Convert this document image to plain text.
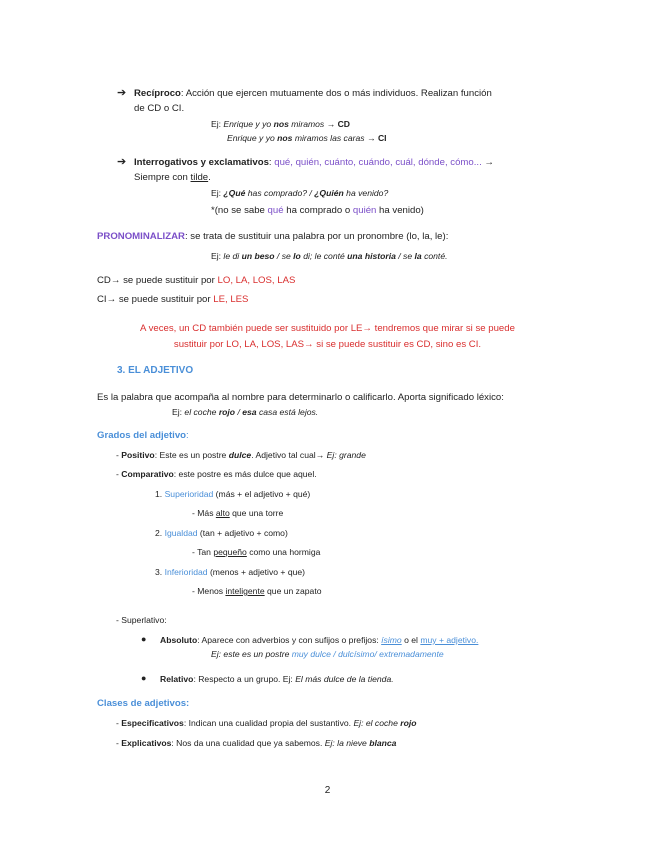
➔ Recíproco: Acción que ejercen mutuamente dos o más individuos. Realizan función
de CD o CI.
Ej: Enrique y yo nos miramos → CD
Enrique y yo nos miramos las caras → CI
➔ Interrogativos y exclamativos: qué, quién, cuánto, cuándo, cuál, dónde, cómo... →
Siempre con tilde.
Ej: ¿Qué has comprado? / ¿Quién ha venido?
*(no se sabe qué ha comprado o quién ha venido)
PRONOMINALIZAR: se trata de sustituir una palabra por un pronombre (lo, la, le):
Ej: le di un beso / se lo di; le conté una historia / se la conté.
CD→ se puede sustituir por LO, LA, LOS, LAS
CI→ se puede sustituir por LE, LES
A veces, un CD también puede ser sustituido por LE→ tendremos que mirar si se puede
sustituir por LO, LA, LOS, LAS→ si se puede sustituir es CD, sino es CI.
3. EL ADJETIVO
Es la palabra que acompaña al nombre para determinarlo o calificarlo. Aporta significado léxico:
Ej: el coche rojo / esa casa está lejos.
Grados del adjetivo:
- Positivo: Este es un postre dulce. Adjetivo tal cual→ Ej: grande
- Comparativo: este postre es más dulce que aquel.
1. Superioridad (más + el adjetivo + qué)
- Más alto que una torre
2. Igualdad (tan + adjetivo + como)
- Tan pequeño como una hormiga
3. Inferioridad (menos + adjetivo + que)
- Menos inteligente que un zapato
- Superlativo:
● Absoluto: Aparece con adverbios y con sufijos o prefijos: ísimo o el muy + adjetivo.
Ej: este es un postre muy dulce / dulcísimo/ extremadamente
● Relativo: Respecto a un grupo. Ej: El más dulce de la tienda.
Clases de adjetivos:
- Especificativos: Indican una cualidad propia del sustantivo. Ej: el coche rojo
- Explicativos: Nos da una cualidad que ya sabemos. Ej: la nieve blanca
2
